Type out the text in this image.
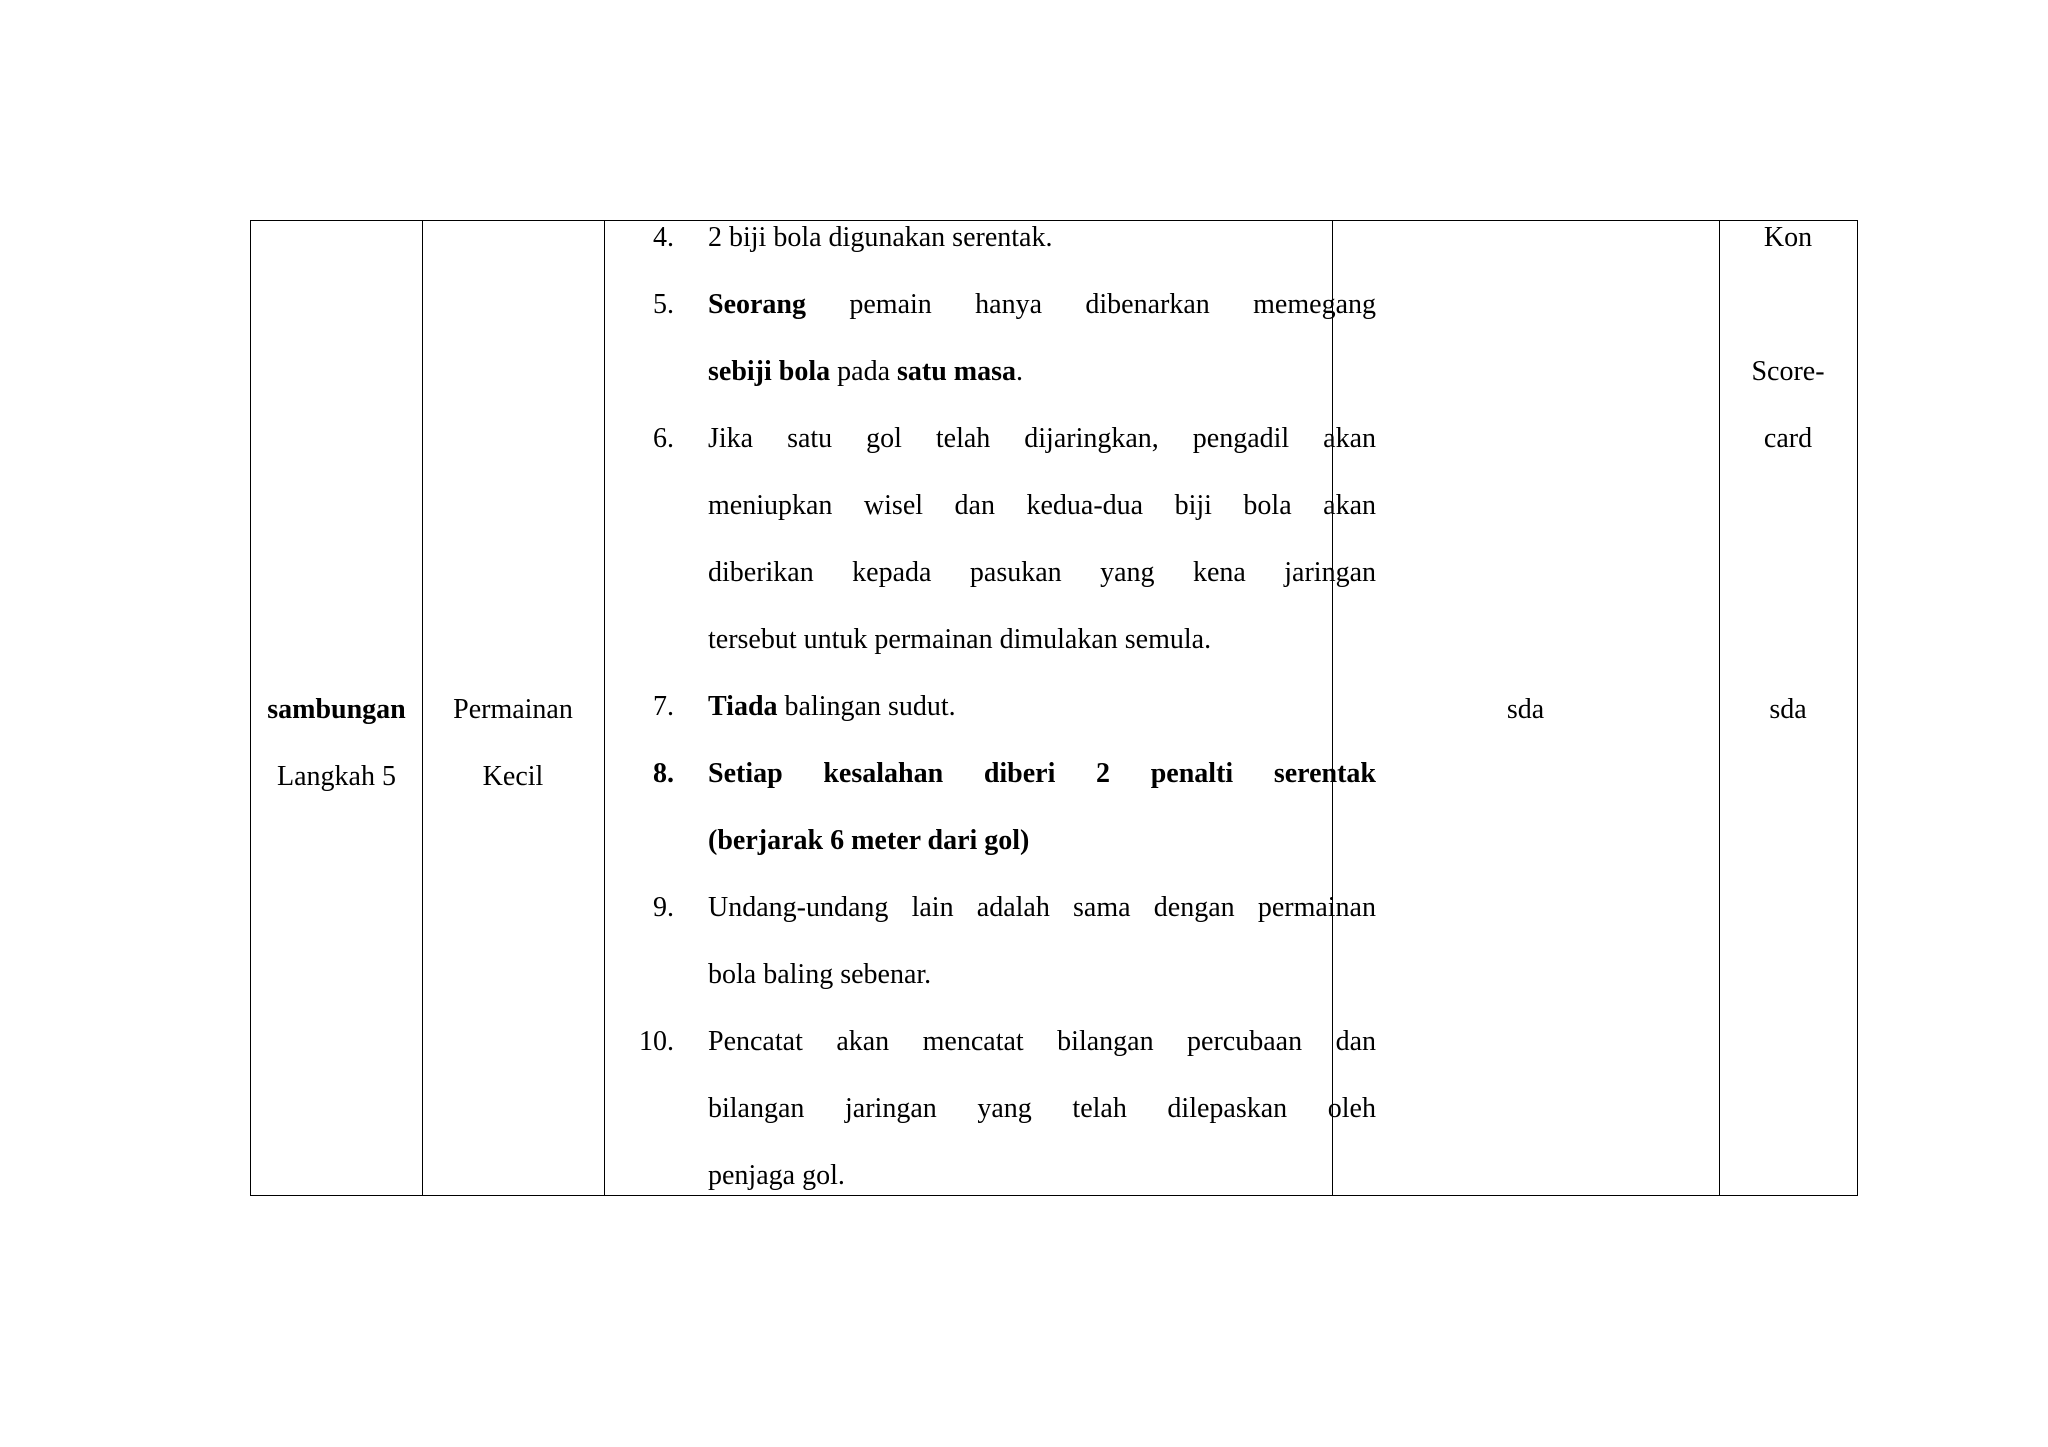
sambungan
Langkah 5
Permainan
Kecil
4. 2 biji bola digunakan serentak.
5. Seorang pemain hanya dibenarkan memegang
sebiji bola pada satu masa.
6. Jika satu gol telah dijaringkan, pengadil akan
meniupkan wisel dan kedua-dua biji bola akan
diberikan kepada pasukan yang kena jaringan
tersebut untuk permainan dimulakan semula.
7. Tiada balingan sudut.
8. Setiap kesalahan diberi 2 penalti serentak
(berjarak 6 meter dari gol)
9. Undang-undang lain adalah sama dengan permainan
bola baling sebenar.
10. Pencatat akan mencatat bilangan percubaan dan
bilangan jaringan yang telah dilepaskan oleh
penjaga gol.
sda
Kon
Score-
card
sda
